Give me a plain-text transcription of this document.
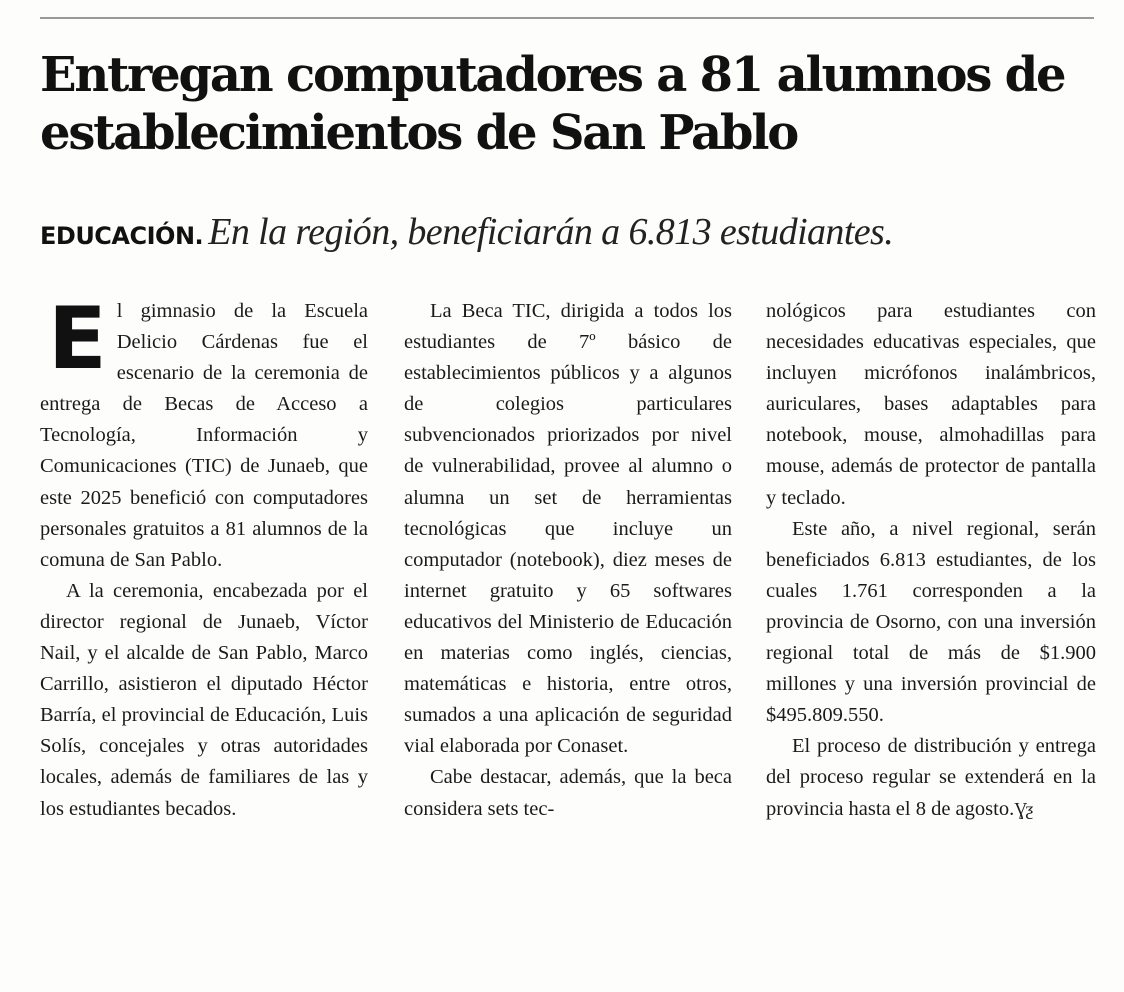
Entregan computadores a 81 alumnos de establecimientos de San Pablo
EDUCACIÓN. En la región, beneficiarán a 6.813 estudiantes.

El gimnasio de la Escuela Delicio Cárdenas fue el escenario de la ceremonia de entrega de Becas de Acceso a Tecnología, Información y Comunicaciones (TIC) de Junaeb, que este 2025 benefició con computadores personales gratuitos a 81 alumnos de la comuna de San Pablo.

A la ceremonia, encabezada por el director regional de Junaeb, Víctor Nail, y el alcalde de San Pablo, Marco Carrillo, asistieron el diputado Héctor Barría, el provincial de Educación, Luis Solís, concejales y otras autoridades locales, además de familiares de las y los estudiantes becados.

La Beca TIC, dirigida a todos los estudiantes de 7º básico de establecimientos públicos y a algunos de colegios particulares subvencionados priorizados por nivel de vulnerabilidad, provee al alumno o alumna un set de herramientas tecnológicas que incluye un computador (notebook), diez meses de internet gratuito y 65 softwares educativos del Ministerio de Educación en materias como inglés, ciencias, matemáticas e historia, entre otros, sumados a una aplicación de seguridad vial elaborada por Conaset.

Cabe destacar, además, que la beca considera sets tec-

nológicos para estudiantes con necesidades educativas especiales, que incluyen micrófonos inalámbricos, auriculares, bases adaptables para notebook, mouse, almohadillas para mouse, además de protector de pantalla y teclado.

Este año, a nivel regional, serán beneficiados 6.813 estudiantes, de los cuales 1.761 corresponden a la provincia de Osorno, con una inversión regional total de más de $1.900 millones y una inversión provincial de $495.809.550.

El proceso de distribución y entrega del proceso regular se extenderá en la provincia hasta el 8 de agosto.Ɣƺ
